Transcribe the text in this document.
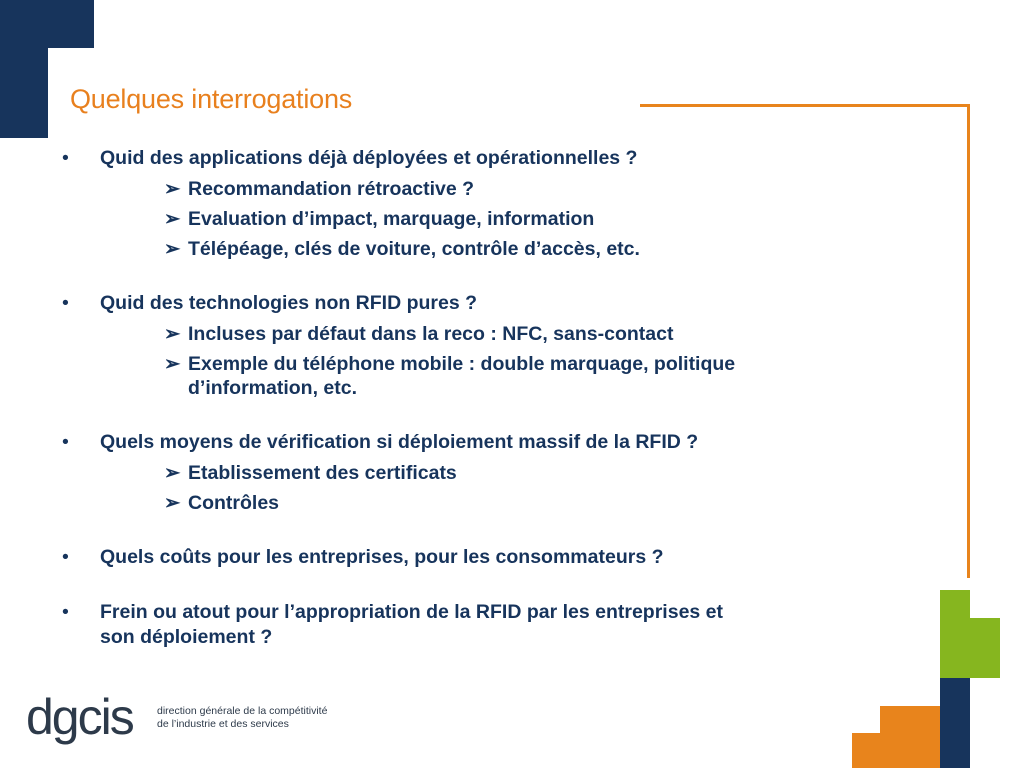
Quelques interrogations
• Quid des applications déjà déployées et opérationnelles ?
➢ Recommandation rétroactive ?
➢ Evaluation d’impact, marquage, information
➢ Télépéage, clés de voiture, contrôle d’accès, etc.
• Quid des technologies non RFID pures ?
➢ Incluses par défaut dans la reco : NFC, sans-contact
➢ Exemple du téléphone mobile : double marquage, politique
d’information, etc.
• Quels moyens de vérification si déploiement massif de la RFID ?
➢ Etablissement des certificats
➢ Contrôles
• Quels coûts pour les entreprises, pour les consommateurs ?
• Frein ou atout pour l’appropriation de la RFID par les entreprises et
son déploiement ?
dgcis direction générale de la compétitivité
de l’industrie et des services
